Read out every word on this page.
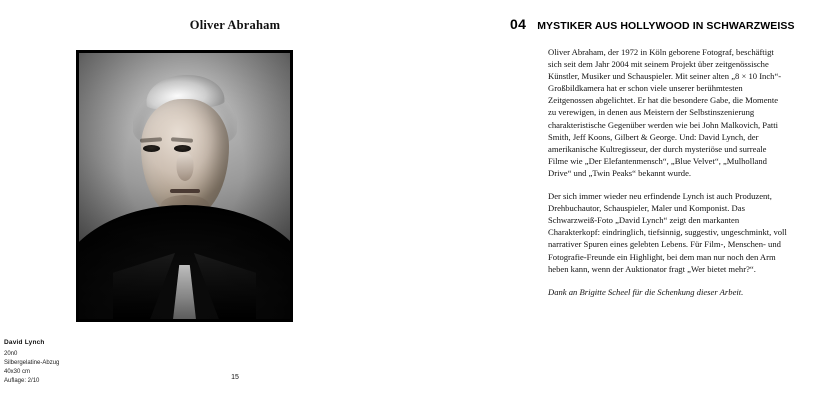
Oliver Abraham
David Lynch
20n0
Silbergelatine-Abzug
40x30 cm
Auflage: 2/10	15
04 MYSTIKER AUS HOLLYWOOD IN SCHWARZWEISS

Oliver Abraham, der 1972 in Köln geborene Fotograf, beschäftigt sich seit dem Jahr 2004 mit seinem Projekt über zeitgenössische Künstler, Musiker und Schauspieler. Mit seiner alten „8 × 10 Inch“-Großbildkamera hat er schon viele unserer berühmtesten Zeitgenossen abgelichtet. Er hat die besondere Gabe, die Momente zu verewigen, in denen aus Meistern der Selbstinszenierung charakteristische Gegenüber werden wie bei John Malkovich, Patti Smith, Jeff Koons, Gilbert & George. Und: David Lynch, der amerikanische Kultregisseur, der durch mysteriöse und surreale Filme wie „Der Elefantenmensch“, „Blue Velvet“, „Mulholland Drive“ und „Twin Peaks“ bekannt wurde.

Der sich immer wieder neu erfindende Lynch ist auch Produzent, Drehbuchautor, Schauspieler, Maler und Komponist. Das Schwarzweiß-Foto „David Lynch“ zeigt den markanten Charakterkopf: eindringlich, tiefsinnig, suggestiv, ungeschminkt, voll narrativer Spuren eines gelebten Lebens. Für Film-, Menschen- und Fotografie-Freunde ein Highlight, bei dem man nur noch den Arm heben kann, wenn der Auktionator fragt „Wer bietet mehr?“.

Dank an Brigitte Scheel für die Schenkung dieser Arbeit.
